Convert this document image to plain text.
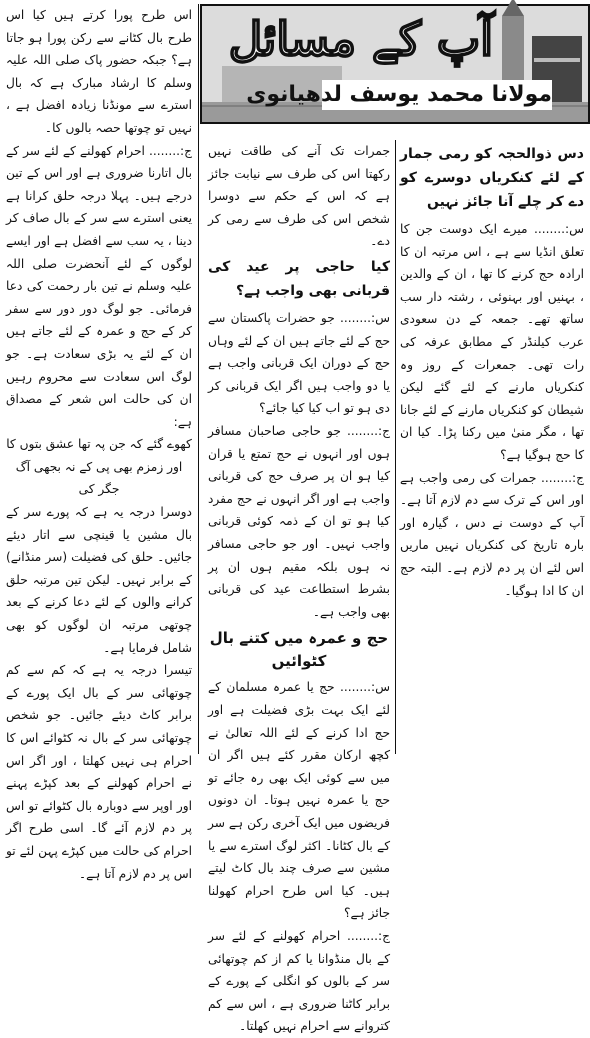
آپ کے مسائل
مولانا محمد یوسف لدھیانوی

دس ذوالحجہ کو رمی جمار کے لئے کنکریاں دوسرے کو دے کر چلے آنا جائز نہیں

س:........ میرے ایک دوست جن کا تعلق انڈیا سے ہے ، اس مرتبہ ان کا ارادہ حج کرنے کا تھا ، ان کے والدین ، بہنیں اور بہنوئی ، رشتہ دار سب ساتھ تھے۔ جمعہ کے دن سعودی عرب کیلنڈر کے مطابق عرفہ کی رات تھی۔ جمعرات کے روز وہ کنکریاں مارنے کے لئے گئے لیکن شیطان کو کنکریاں مارنے کے لئے جانا تھا ، مگر منیٰ میں رکنا پڑا۔ کیا ان کا حج ہوگیا ہے؟

ج:........ جمرات کی رمی واجب ہے اور اس کے ترک سے دم لازم آتا ہے۔ آپ کے دوست نے دس ، گیارہ اور بارہ تاریخ کی کنکریاں نہیں ماریں اس لئے ان پر دم لازم ہے۔ البتہ حج ان کا ادا ہوگیا۔

جمرات تک آنے کی طاقت نہیں رکھتا اس کی طرف سے نیابت جائز ہے کہ اس کے حکم سے دوسرا شخص اس کی طرف سے رمی کر دے۔

کیا حاجی پر عید کی قربانی بھی واجب ہے؟

س:........ جو حضرات پاکستان سے حج کے لئے جاتے ہیں ان کے لئے وہاں حج کے دوران ایک قربانی واجب ہے یا دو واجب ہیں اگر ایک قربانی کر دی ہو تو اب کیا کیا جائے؟

ج:........ جو حاجی صاحبان مسافر ہوں اور انہوں نے حج تمتع یا قران کیا ہو ان پر صرف حج کی قربانی واجب ہے اور اگر انہوں نے حج مفرد کیا ہو تو ان کے ذمہ کوئی قربانی واجب نہیں۔ اور جو حاجی مسافر نہ ہوں بلکہ مقیم ہوں ان پر بشرط استطاعت عید کی قربانی بھی واجب ہے۔

حج و عمرہ میں کتنے بال کٹوائیں

س:........ حج یا عمرہ مسلمان کے لئے ایک بہت بڑی فضیلت ہے اور حج ادا کرنے کے لئے اللہ تعالیٰ نے کچھ ارکان مقرر کئے ہیں اگر ان میں سے کوئی ایک بھی رہ جائے تو حج یا عمرہ نہیں ہوتا۔ ان دونوں فریضوں میں ایک آخری رکن ہے سر کے بال کٹانا۔ اکثر لوگ استرے سے یا مشین سے صرف چند بال کاٹ لیتے ہیں۔ کیا اس طرح احرام کھولنا جائز ہے؟

ج:........ احرام کھولنے کے لئے سر کے بال منڈوانا یا کم از کم چوتھائی سر کے بالوں کو انگلی کے پورے کے برابر کاٹنا ضروری ہے ، اس سے کم کتروانے سے احرام نہیں کھلتا۔

اس طرح پورا کرتے ہیں کیا اس طرح بال کٹانے سے رکن پورا ہو جاتا ہے؟ جبکہ حضور پاک صلی اللہ علیہ وسلم کا ارشاد مبارک ہے کہ بال استرے سے مونڈنا زیادہ افضل ہے ، نہیں تو چوتھا حصہ بالوں کا۔

ج:........ احرام کھولنے کے لئے سر کے بال اتارنا ضروری ہے اور اس کے تین درجے ہیں۔ پہلا درجہ حلق کرانا ہے یعنی استرے سے سر کے بال صاف کر دینا ، یہ سب سے افضل ہے اور ایسے لوگوں کے لئے آنحضرت صلی اللہ علیہ وسلم نے تین بار رحمت کی دعا فرمائی۔ جو لوگ دور دور سے سفر کر کے حج و عمرہ کے لئے جاتے ہیں ان کے لئے یہ بڑی سعادت ہے۔ جو لوگ اس سعادت سے محروم رہیں ان کی حالت اس شعر کے مصداق ہے:

کھوے گئے کہ جن پہ تھا عشق بتوں کا

اور زمزم بھی پی کے نہ بجھی آگ جگر کی

دوسرا درجہ یہ ہے کہ پورے سر کے بال مشین یا قینچی سے اتار دیئے جائیں۔ حلق کی فضیلت (سر منڈانے) کے برابر نہیں۔ لیکن تین مرتبہ حلق کرانے والوں کے لئے دعا کرنے کے بعد چوتھی مرتبہ ان لوگوں کو بھی شامل فرمایا ہے۔

تیسرا درجہ یہ ہے کہ کم سے کم چوتھائی سر کے بال ایک پورے کے برابر کاٹ دیئے جائیں۔ جو شخص چوتھائی سر کے بال نہ کٹوائے اس کا احرام ہی نہیں کھلتا ، اور اگر اس نے احرام کھولنے کے بعد کپڑے پہنے اور اوپر سے دوبارہ بال کٹوائے تو اس پر دم لازم آئے گا۔ اسی طرح اگر احرام کی حالت میں کپڑے پہن لئے تو اس پر دم لازم آتا ہے۔
